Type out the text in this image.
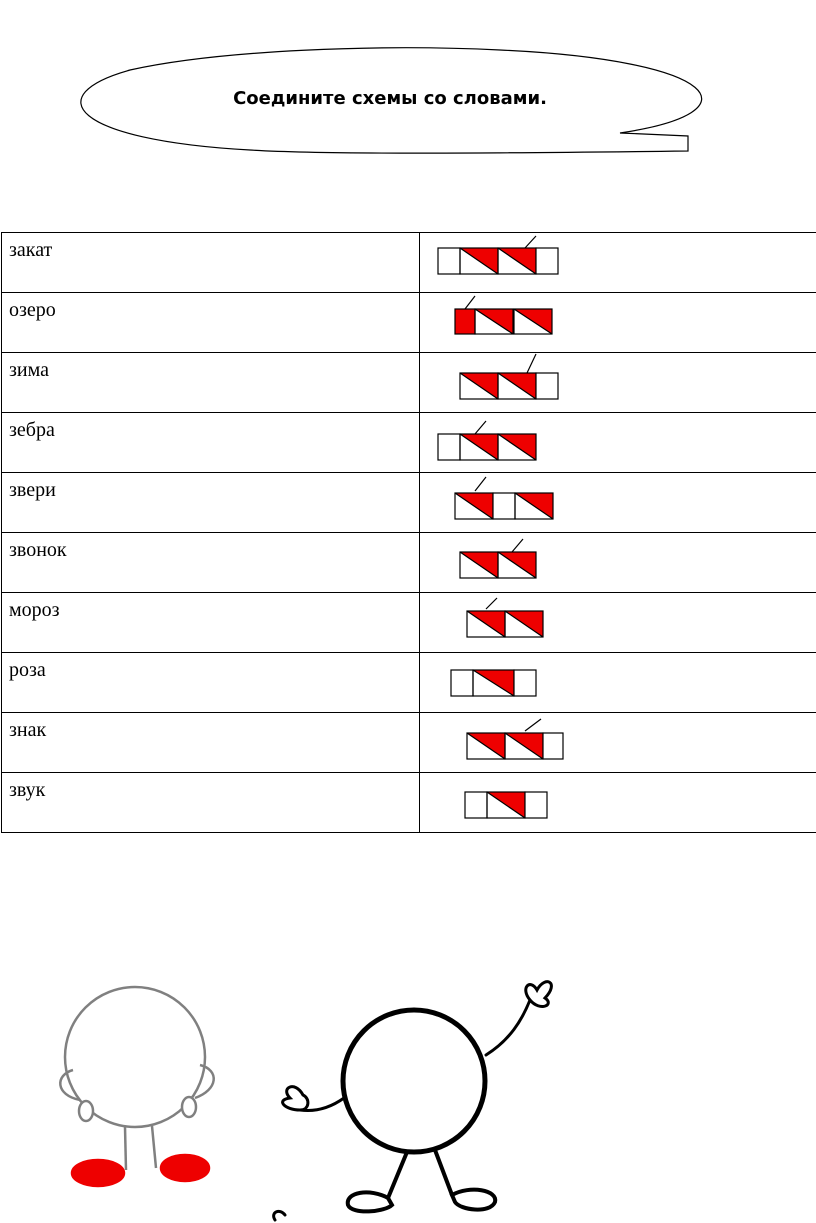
Соедините схемы со словами.
закат

озеро

зима

зебра

звери

звонок

мороз

роза

знак

звук
